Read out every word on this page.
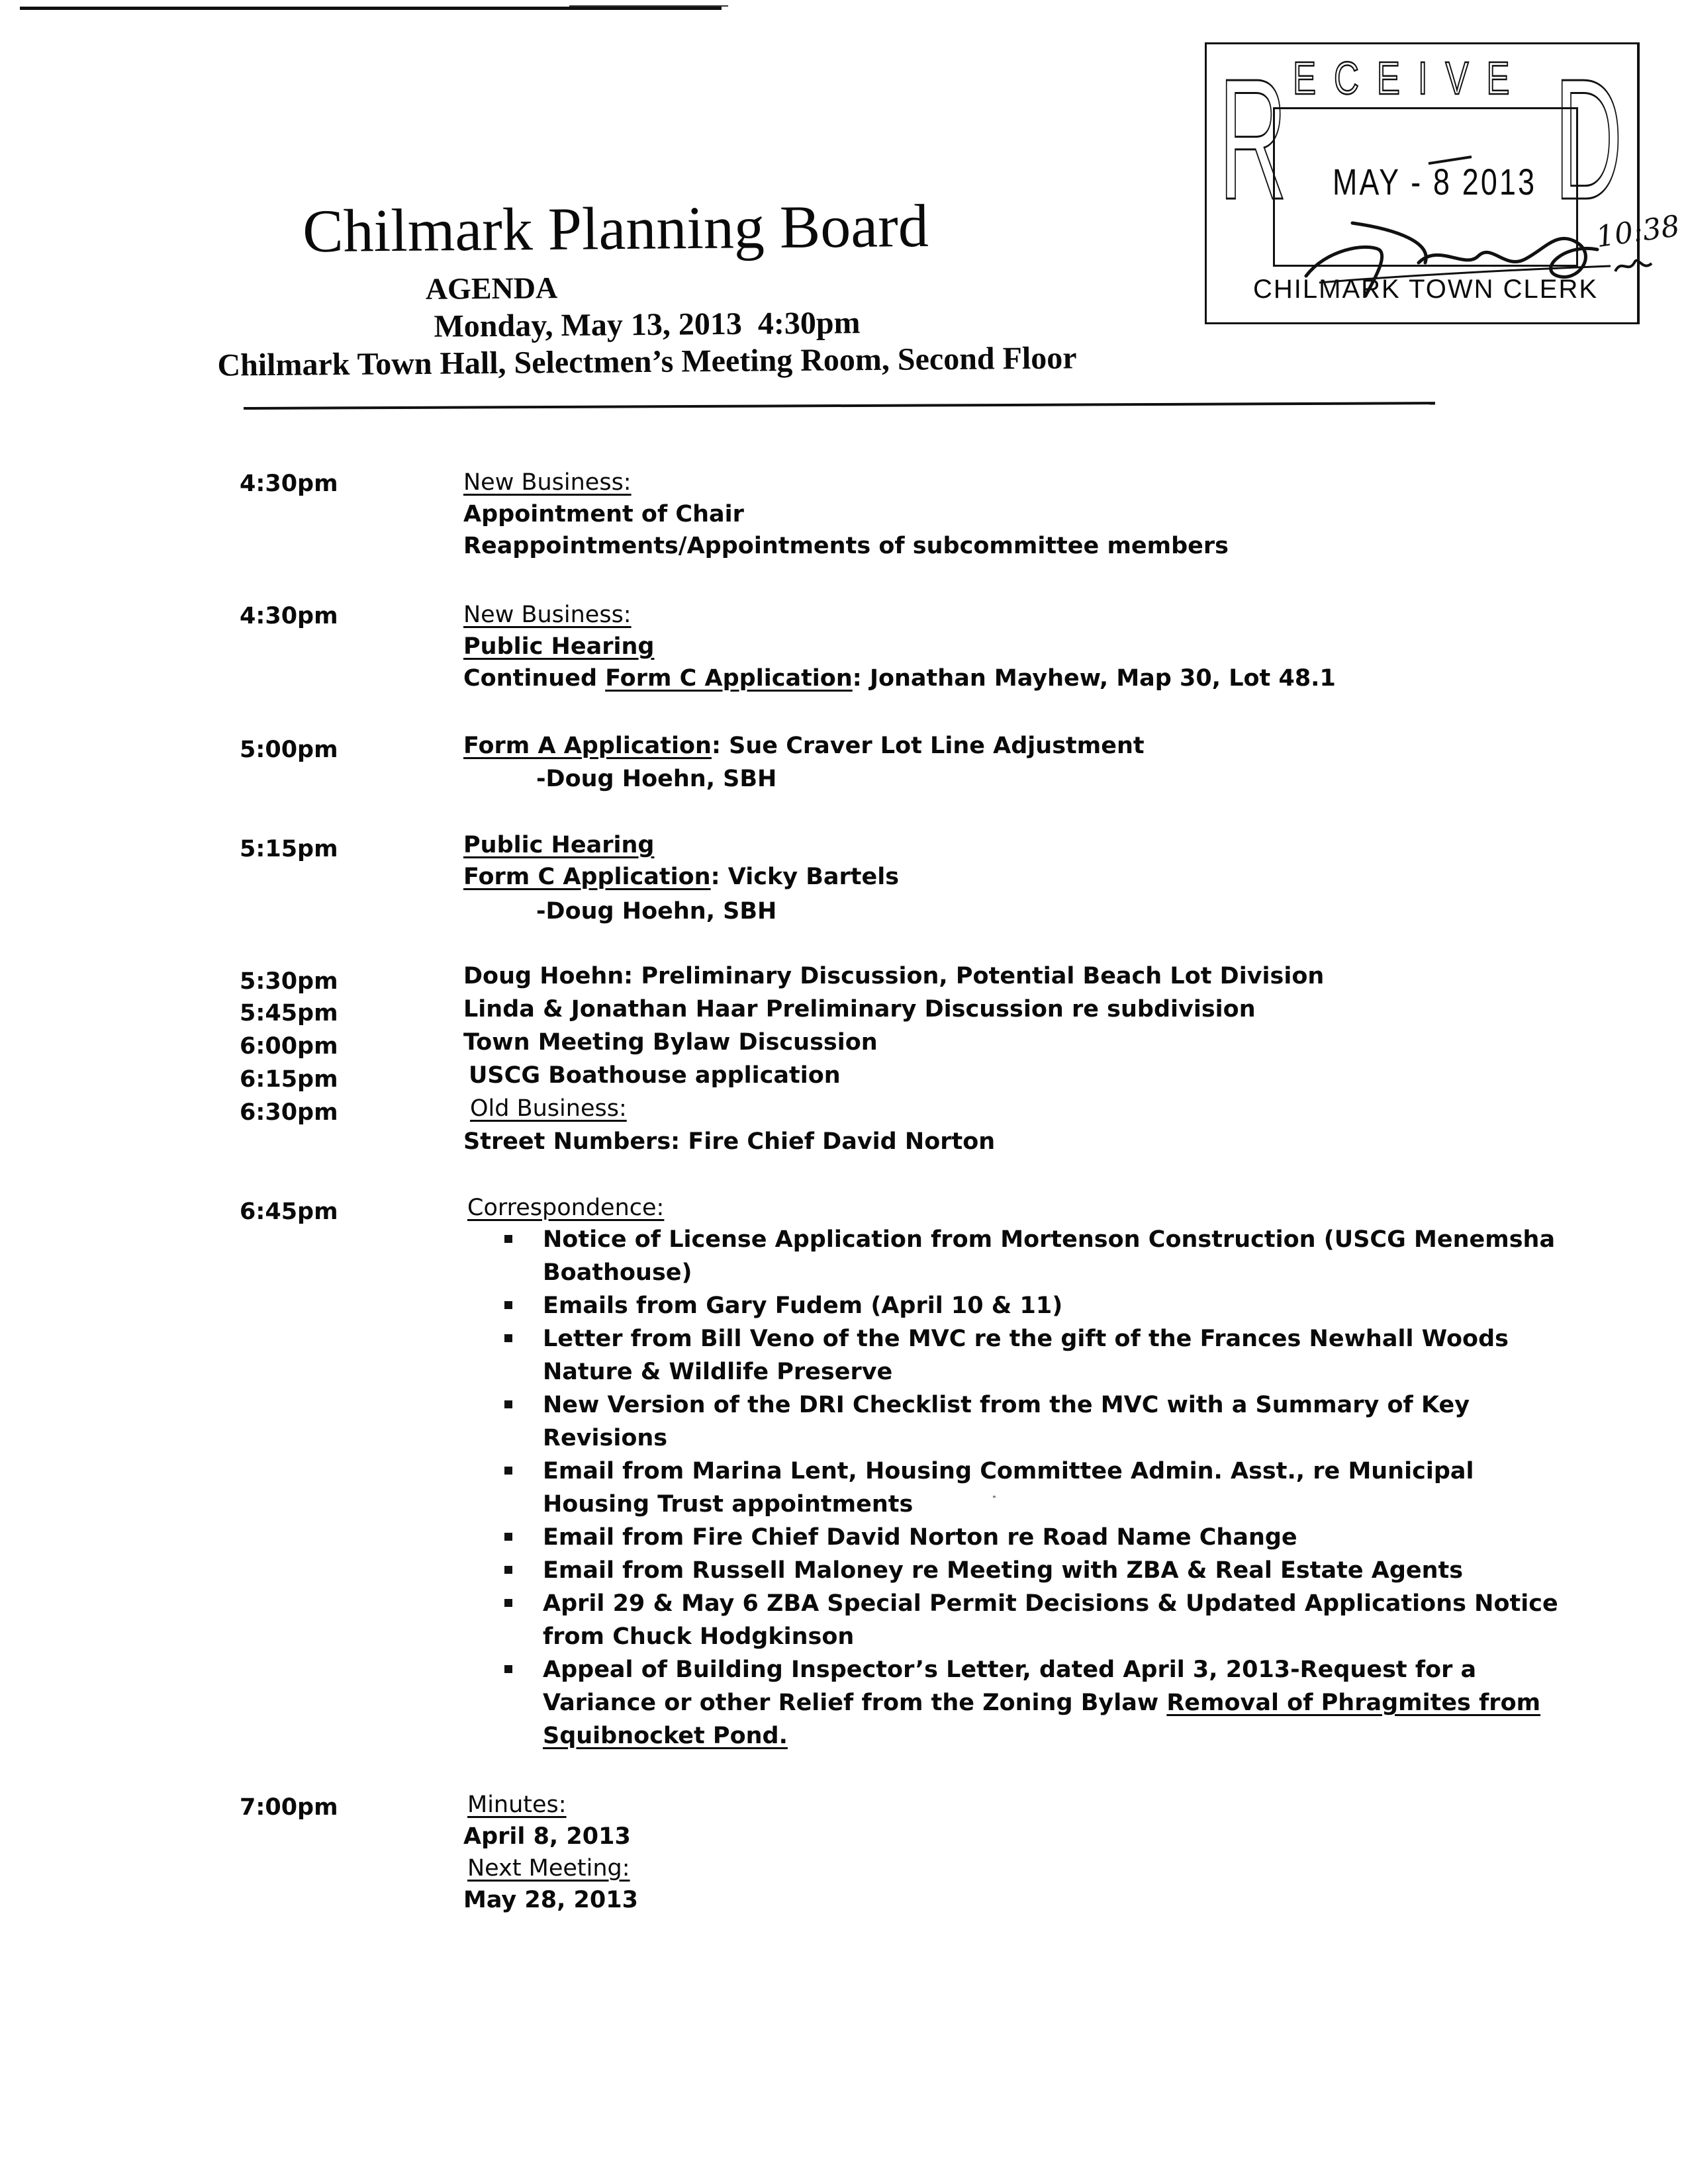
R D
ECEIVE
MAY - 8 2013
CHILMARK TOWN CLERK
10:38
Chilmark Planning Board
AGENDA
Monday, May 13, 2013 4:30pm
Chilmark Town Hall, Selectmen’s Meeting Room, Second Floor
4:30pm	New Business:
Appointment of Chair
Reappointments/Appointments of subcommittee members
4:30pm	New Business:
Public Hearing
Continued Form C Application: Jonathan Mayhew, Map 30, Lot 48.1
5:00pm	Form A Application: Sue Craver Lot Line Adjustment
-Doug Hoehn, SBH
5:15pm	Public Hearing
Form C Application: Vicky Bartels
-Doug Hoehn, SBH
5:30pm	Doug Hoehn: Preliminary Discussion, Potential Beach Lot Division
5:45pm	Linda & Jonathan Haar Preliminary Discussion re subdivision
6:00pm	Town Meeting Bylaw Discussion
6:15pm	USCG Boathouse application
6:30pm	Old Business:
Street Numbers: Fire Chief David Norton
6:45pm	Correspondence:
Notice of License Application from Mortenson Construction (USCG Menemsha
Boathouse)
Emails from Gary Fudem (April 10 & 11)
Letter from Bill Veno of the MVC re the gift of the Frances Newhall Woods
Nature & Wildlife Preserve
New Version of the DRI Checklist from the MVC with a Summary of Key
Revisions
Email from Marina Lent, Housing Committee Admin. Asst., re Municipal
Housing Trust appointments
Email from Fire Chief David Norton re Road Name Change
Email from Russell Maloney re Meeting with ZBA & Real Estate Agents
April 29 & May 6 ZBA Special Permit Decisions & Updated Applications Notice
from Chuck Hodgkinson
Appeal of Building Inspector’s Letter, dated April 3, 2013-Request for a
Variance or other Relief from the Zoning Bylaw Removal of Phragmites from
Squibnocket Pond.
7:00pm	Minutes:
April 8, 2013
Next Meeting:
May 28, 2013
